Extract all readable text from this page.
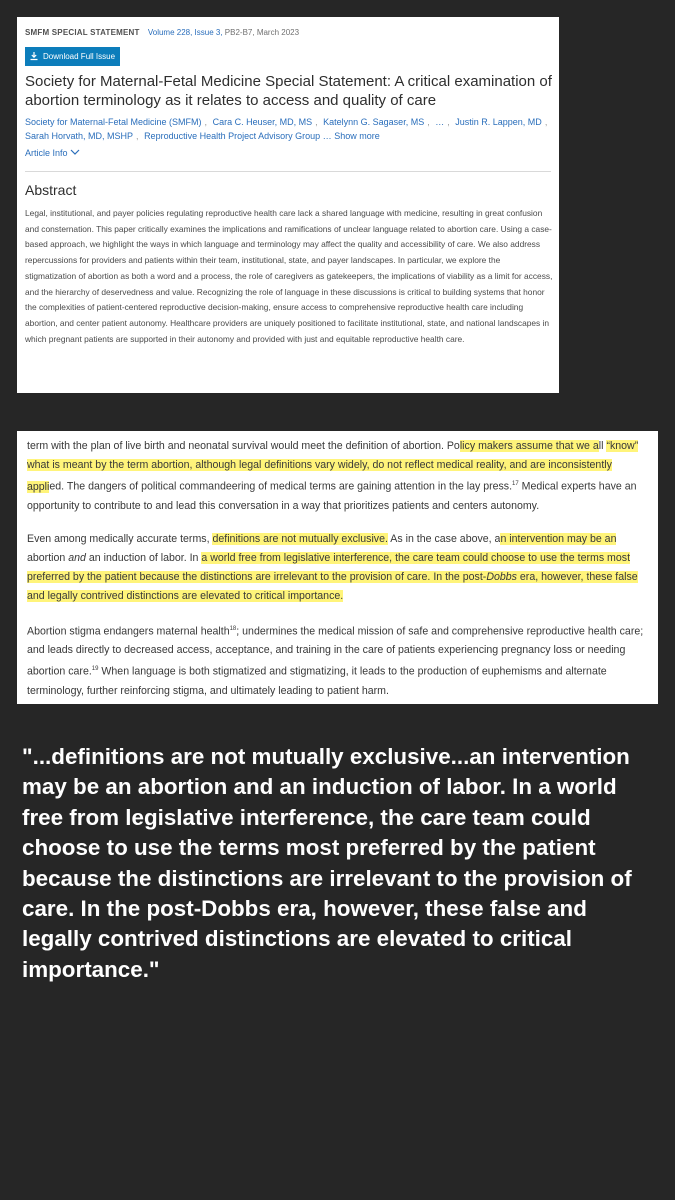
SMFM SPECIAL STATEMENT Volume 228, Issue 3, PB2-B7, March 2023
Download Full Issue
Society for Maternal-Fetal Medicine Special Statement: A critical examination of abortion terminology as it relates to access and quality of care
Society for Maternal-Fetal Medicine (SMFM) , Cara C. Heuser, MD, MS , Katelynn G. Sagaser, MS , … , Justin R. Lappen, MD ,
Sarah Horvath, MD, MSHP , Reproductive Health Project Advisory Group … Show more
Article Info
Abstract
Legal, institutional, and payer policies regulating reproductive health care lack a shared language with medicine, resulting in great confusion and consternation. This paper critically examines the implications and ramifications of unclear language related to abortion care. Using a case-based approach, we highlight the ways in which language and terminology may affect the quality and accessibility of care. We also address repercussions for providers and patients within their team, institutional, state, and payer landscapes. In particular, we explore the stigmatization of abortion as both a word and a process, the role of caregivers as gatekeepers, the implications of viability as a limit for access, and the hierarchy of deservedness and value. Recognizing the role of language in these discussions is critical to building systems that honor the complexities of patient-centered reproductive decision-making, ensure access to comprehensive reproductive health care including abortion, and center patient autonomy. Healthcare providers are uniquely positioned to facilitate institutional, state, and national landscapes in which pregnant patients are supported in their autonomy and provided with just and equitable reproductive health care.

term with the plan of live birth and neonatal survival would meet the definition of abortion. Policy makers assume that we all “know” what is meant by the term abortion, although legal definitions vary widely, do not reflect medical reality, and are inconsistently applied. The dangers of political commandeering of medical terms are gaining attention in the lay press.$^{17}$ Medical experts have an opportunity to contribute to and lead this conversation in a way that prioritizes patients and centers autonomy.

Even among medically accurate terms, definitions are not mutually exclusive. As in the case above, an intervention may be an abortion and an induction of labor. In a world free from legislative interference, the care team could choose to use the terms most preferred by the patient because the distinctions are irrelevant to the provision of care. In the post-Dobbs era, however, these false and legally contrived distinctions are elevated to critical importance.

Abortion stigma endangers maternal health$^{18}$; undermines the medical mission of safe and comprehensive reproductive health care; and leads directly to decreased access, acceptance, and training in the care of patients experiencing pregnancy loss or needing abortion care.$^{19}$ When language is both stigmatized and stigmatizing, it leads to the production of euphemisms and alternate terminology, further reinforcing stigma, and ultimately leading to patient harm.

"...definitions are not mutually exclusive...an intervention may be an abortion and an induction of labor. In a world free from legislative interference, the care team could choose to use the terms most preferred by the patient because the distinctions are irrelevant to the provision of care. In the post-Dobbs era, however, these false and legally contrived distinctions are elevated to critical importance."
